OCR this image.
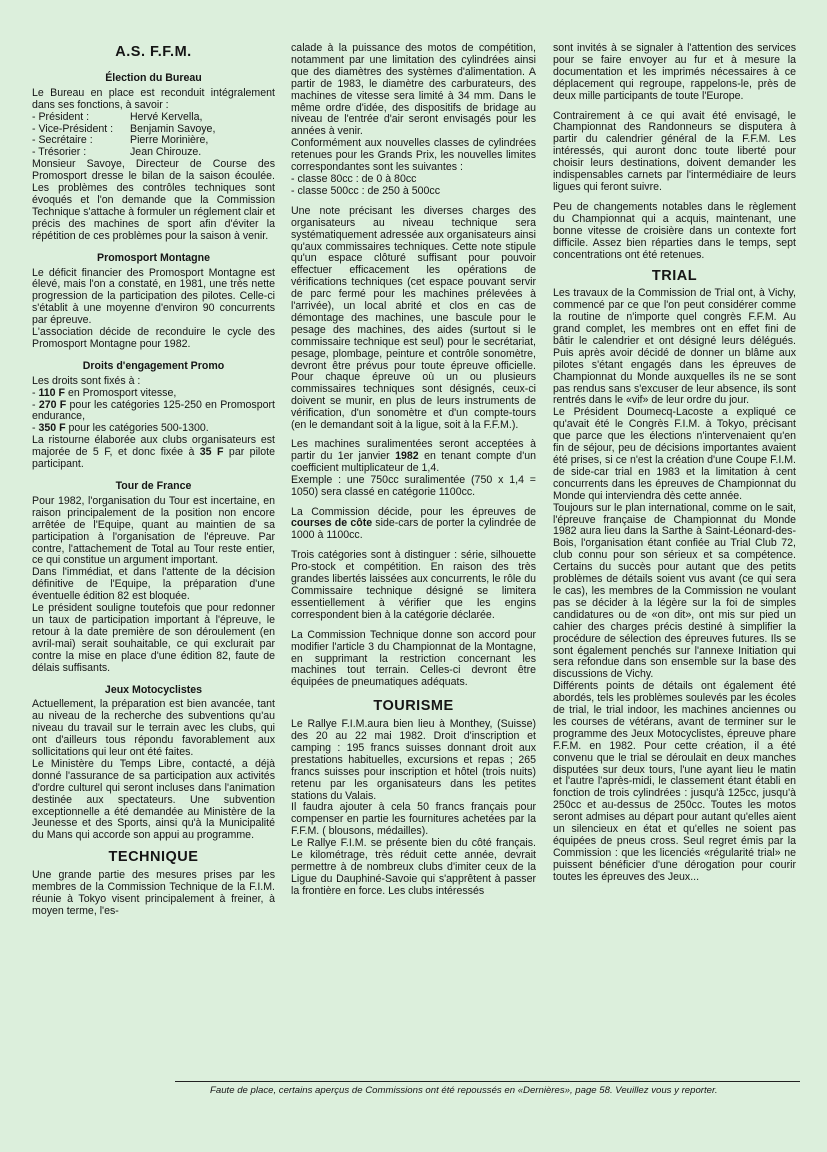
A.S. F.F.M.
Élection du Bureau

Le Bureau en place est reconduit intégralement dans ses fonctions, à savoir :

- Président :	Hervé Kervella,
- Vice-Président : Benjamin Savoye,
- Secrétaire :	Pierre Morinière,
- Trésorier :	Jean Chirouze.

Monsieur Savoye, Directeur de Course des Promosport dresse le bilan de la saison écoulée. Les problèmes des contrôles techniques sont évoqués et l'on demande que la Commission Technique s'attache à formuler un réglement clair et précis des machines de sport afin d'éviter la répétition de ces problèmes pour la saison à venir.

Promosport Montagne

Le déficit financier des Promosport Montagne est élevé, mais l'on a constaté, en 1981, une très nette progression de la participation des pilotes. Celle-ci s'établit à une moyenne d'environ 90 concurrents par épreuve.

L'association décide de reconduire le cycle des Promosport Montagne pour 1982.

Droits d'engagement Promo
Les droits sont fixés à :
- 110 F en Promosport vitesse,
- 270 F pour les catégories 125-250 en Promosport endurance,
- 350 F pour les catégories 500-1300.

La ristourne élaborée aux clubs organisateurs est majorée de 5 F, et donc fixée à 35 F par pilote participant.

Tour de France

Pour 1982, l'organisation du Tour est incertaine, en raison principalement de la position non encore arrêtée de l'Equipe, quant au maintien de sa participation à l'organisation de l'épreuve. Par contre, l'attachement de Total au Tour reste entier, ce qui constitue un argument important.

Dans l'immédiat, et dans l'attente de la décision définitive de l'Equipe, la préparation d'une éventuelle édition 82 est bloquée.

Le président souligne toutefois que pour redonner un taux de participation important à l'épreuve, le retour à la date première de son déroulement (en avril-mai) serait souhaitable, ce qui exclurait par contre la mise en place d'une édition 82, faute de délais suffisants.

Jeux Motocyclistes

Actuellement, la préparation est bien avancée, tant au niveau de la recherche des subventions qu'au niveau du travail sur le terrain avec les clubs, qui ont d'ailleurs tous répondu favorablement aux sollicitations qui leur ont été faites.

Le Ministère du Temps Libre, contacté, a déjà donné l'assurance de sa participation aux activités d'ordre culturel qui seront incluses dans l'animation destinée aux spectateurs. Une subvention exceptionnelle a été demandée au Ministère de la Jeunesse et des Sports, ainsi qu'à la Municipalité du Mans qui accorde son appui au programme.

TECHNIQUE

Une grande partie des mesures prises par les membres de la Commission Technique de la F.I.M. réunie à Tokyo visent principalement à freiner, à moyen terme, l'es-

calade à la puissance des motos de compétition, notamment par une limitation des cylindrées ainsi que des diamètres des systèmes d'alimentation. A partir de 1983, le diamètre des carburateurs, des machines de vitesse sera limité à 34 mm. Dans le même ordre d'idée, des dispositifs de bridage au niveau de l'entrée d'air seront envisagés pour les années à venir.

Conformément aux nouvelles classes de cylindrées retenues pour les Grands Prix, les nouvelles limites correspondantes sont les suivantes :

- classe 80cc : de 0 à 80cc
- classe 500cc : de 250 à 500cc

Une note précisant les diverses charges des organisateurs au niveau technique sera systématiquement adressée aux organisateurs ainsi qu'aux commissaires techniques. Cette note stipule qu'un espace clôturé suffisant pour pouvoir effectuer efficacement les opérations de vérifications techniques (cet espace pouvant servir de parc fermé pour les machines prélevées à l'arrivée), un local abrité et clos en cas de démontage des machines, une bascule pour le pesage des machines, des aides (surtout si le commissaire technique est seul) pour le secrétariat, pesage, plombage, peinture et contrôle sonomètre, devront être prévus pour toute épreuve officielle. Pour chaque épreuve où un ou plusieurs commissaires techniques sont désignés, ceux-ci doivent se munir, en plus de leurs instruments de vérification, d'un sonomètre et d'un compte-tours (en le demandant soit à la ligue, soit à la F.F.M.).

Les machines suralimentées seront acceptées à partir du 1er janvier 1982 en tenant compte d'un coefficient multiplicateur de 1,4.

Exemple : une 750cc suralimentée (750 x 1,4 = 1050) sera classé en catégorie 1100cc.

La Commission décide, pour les épreuves de courses de côte side-cars de porter la cylindrée de 1000 à 1100cc.

Trois catégories sont à distinguer : série, silhouette Pro-stock et compétition. En raison des très grandes libertés laissées aux concurrents, le rôle du Commissaire technique désigné se limitera essentiellement à vérifier que les engins correspondent bien à la catégorie déclarée.

La Commission Technique donne son accord pour modifier l'article 3 du Championnat de la Montagne, en supprimant la restriction concernant les machines tout terrain. Celles-ci devront être équipées de pneumatiques adéquats.

TOURISME

Le Rallye F.I.M.aura bien lieu à Monthey, (Suisse) des 20 au 22 mai 1982. Droit d'inscription et camping : 195 francs suisses donnant droit aux prestations habituelles, excursions et repas ; 265 francs suisses pour inscription et hôtel (trois nuits) retenu par les organisateurs dans les petites stations du Valais.

Il faudra ajouter à cela 50 francs français pour compenser en partie les fournitures achetées par la F.F.M. ( blousons, médailles).

Le Rallye F.I.M. se présente bien du côté français. Le kilométrage, très réduit cette année, devrait permettre à de nombreux clubs d'imiter ceux de la Ligue du Dauphiné-Savoie qui s'apprêtent à passer la frontière en force. Les clubs intéressés

sont invités à se signaler à l'attention des services pour se faire envoyer au fur et à mesure la documentation et les imprimés nécessaires à ce déplacement qui regroupe, rappelons-le, près de deux mille participants de toute l'Europe.

Contrairement à ce qui avait été envisagé, le Championnat des Randonneurs se disputera à partir du calendrier général de la F.F.M. Les intéressés, qui auront donc toute liberté pour choisir leurs destinations, doivent demander les indispensables carnets par l'intermédiaire de leurs ligues qui feront suivre.

Peu de changements notables dans le règlement du Championnat qui a acquis, maintenant, une bonne vitesse de croisière dans un contexte fort difficile. Assez bien réparties dans le temps, sept concentrations ont été retenues.

TRIAL

Les travaux de la Commission de Trial ont, à Vichy, commencé par ce que l'on peut considérer comme la routine de n'importe quel congrès F.F.M. Au grand complet, les membres ont en effet fini de bâtir le calendrier et ont désigné leurs délégués. Puis après avoir décidé de donner un blâme aux pilotes s'étant engagés dans les épreuves de Championnat du Monde auxquelles ils ne se sont pas rendus sans s'excuser de leur absence, ils sont rentrés dans le «vif» de leur ordre du jour.

Le Président Doumecq-Lacoste a expliqué ce qu'avait été le Congrès F.I.M. à Tokyo, précisant que parce que les élections n'intervenaient qu'en fin de séjour, peu de décisions importantes avaient été prises, si ce n'est la création d'une Coupe F.I.M. de side-car trial en 1983 et la limitation à cent concurrents dans les épreuves de Championnat du Monde qui interviendra dès cette année.

Toujours sur le plan international, comme on le sait, l'épreuve française de Championnat du Monde 1982 aura lieu dans la Sarthe à Saint-Léonard-des-Bois, l'organisation étant confiée au Trial Club 72, club connu pour son sérieux et sa compétence. Certains du succès pour autant que des petits problèmes de détails soient vus avant (ce qui sera le cas), les membres de la Commission ne voulant pas se décider à la légère sur la foi de simples candidatures ou de «on dit», ont mis sur pied un cahier des charges précis destiné à simplifier la procédure de sélection des épreuves futures. Ils se sont également penchés sur l'annexe Initiation qui sera refondue dans son ensemble sur la base des discussions de Vichy.

Différents points de détails ont également été abordés, tels les problèmes soulevés par les écoles de trial, le trial indoor, les machines anciennes ou les courses de vétérans, avant de terminer sur le programme des Jeux Motocyclistes, épreuve phare F.F.M. en 1982. Pour cette création, il a été convenu que le trial se déroulait en deux manches disputées sur deux tours, l'une ayant lieu le matin et l'autre l'après-midi, le classement étant établi en fonction de trois cylindrées : jusqu'à 125cc, jusqu'à 250cc et au-dessus de 250cc. Toutes les motos seront admises au départ pour autant qu'elles aient un silencieux en état et qu'elles ne soient pas équipées de pneus cross. Seul regret émis par la Commission : que les licenciés «régularité trial» ne puissent bénéficier d'une dérogation pour courir toutes les épreuves des Jeux...

Faute de place, certains aperçus de Commissions ont été repoussés en «Dernières», page 58. Veuillez vous y reporter.
